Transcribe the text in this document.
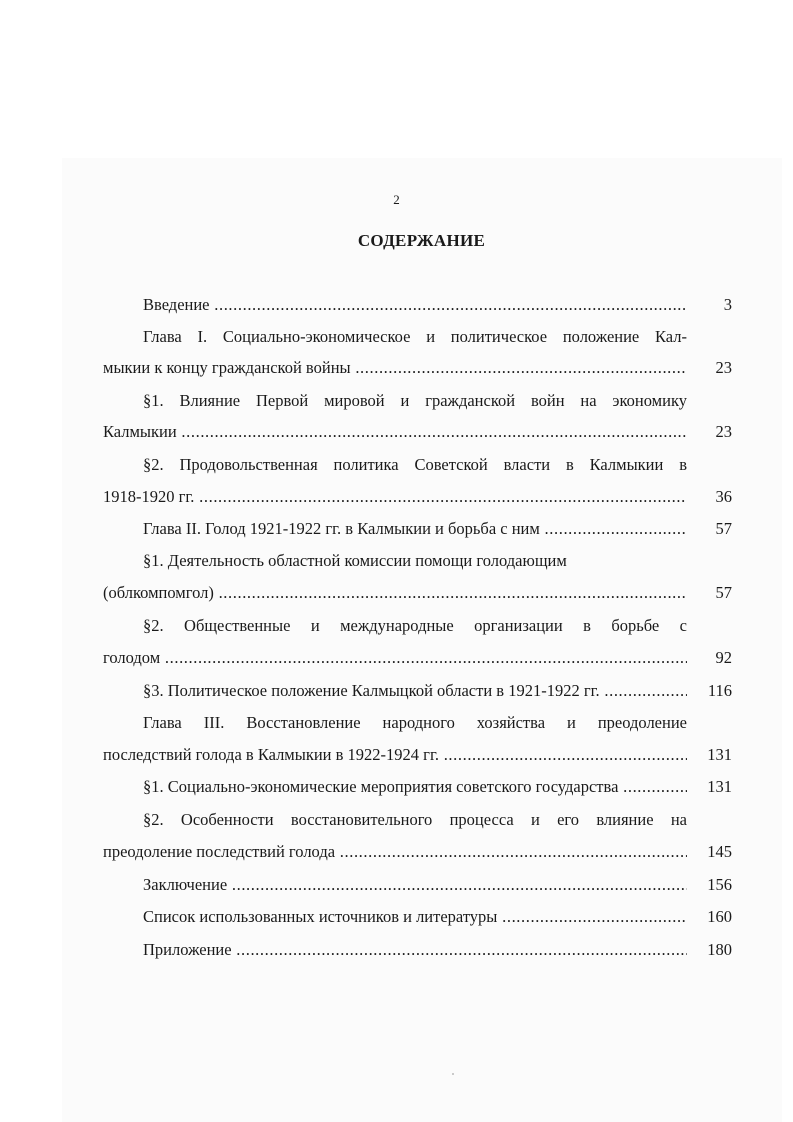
2
СОДЕРЖАНИЕ
Введение .....	3
Глава I. Социально-экономическое и политическое положение Кал-
мыкии к концу гражданской войны .....	23
§1. Влияние Первой мировой и гражданской войн на экономику
Калмыкии .....	23
§2. Продовольственная политика Советской власти в Калмыкии в
1918-1920 гг. .....	36
Глава II. Голод 1921-1922 гг. в Калмыкии и борьба с ним .....	57
§1. Деятельность областной комиссии помощи голодающим
(облкомпомгол) .....	57
§2. Общественные и международные организации в борьбе с
голодом .....	92
§3. Политическое положение Калмыцкой области в 1921-1922 гг. .....	116
Глава III. Восстановление народного хозяйства и преодоление
последствий голода в Калмыкии в 1922-1924 гг. .....	131
§1. Социально-экономические мероприятия советского государства .....	131
§2. Особенности восстановительного процесса и его влияние на
преодоление последствий голода .....	145
Заключение .....	156
Список использованных источников и литературы .....	160
Приложение .....	180
